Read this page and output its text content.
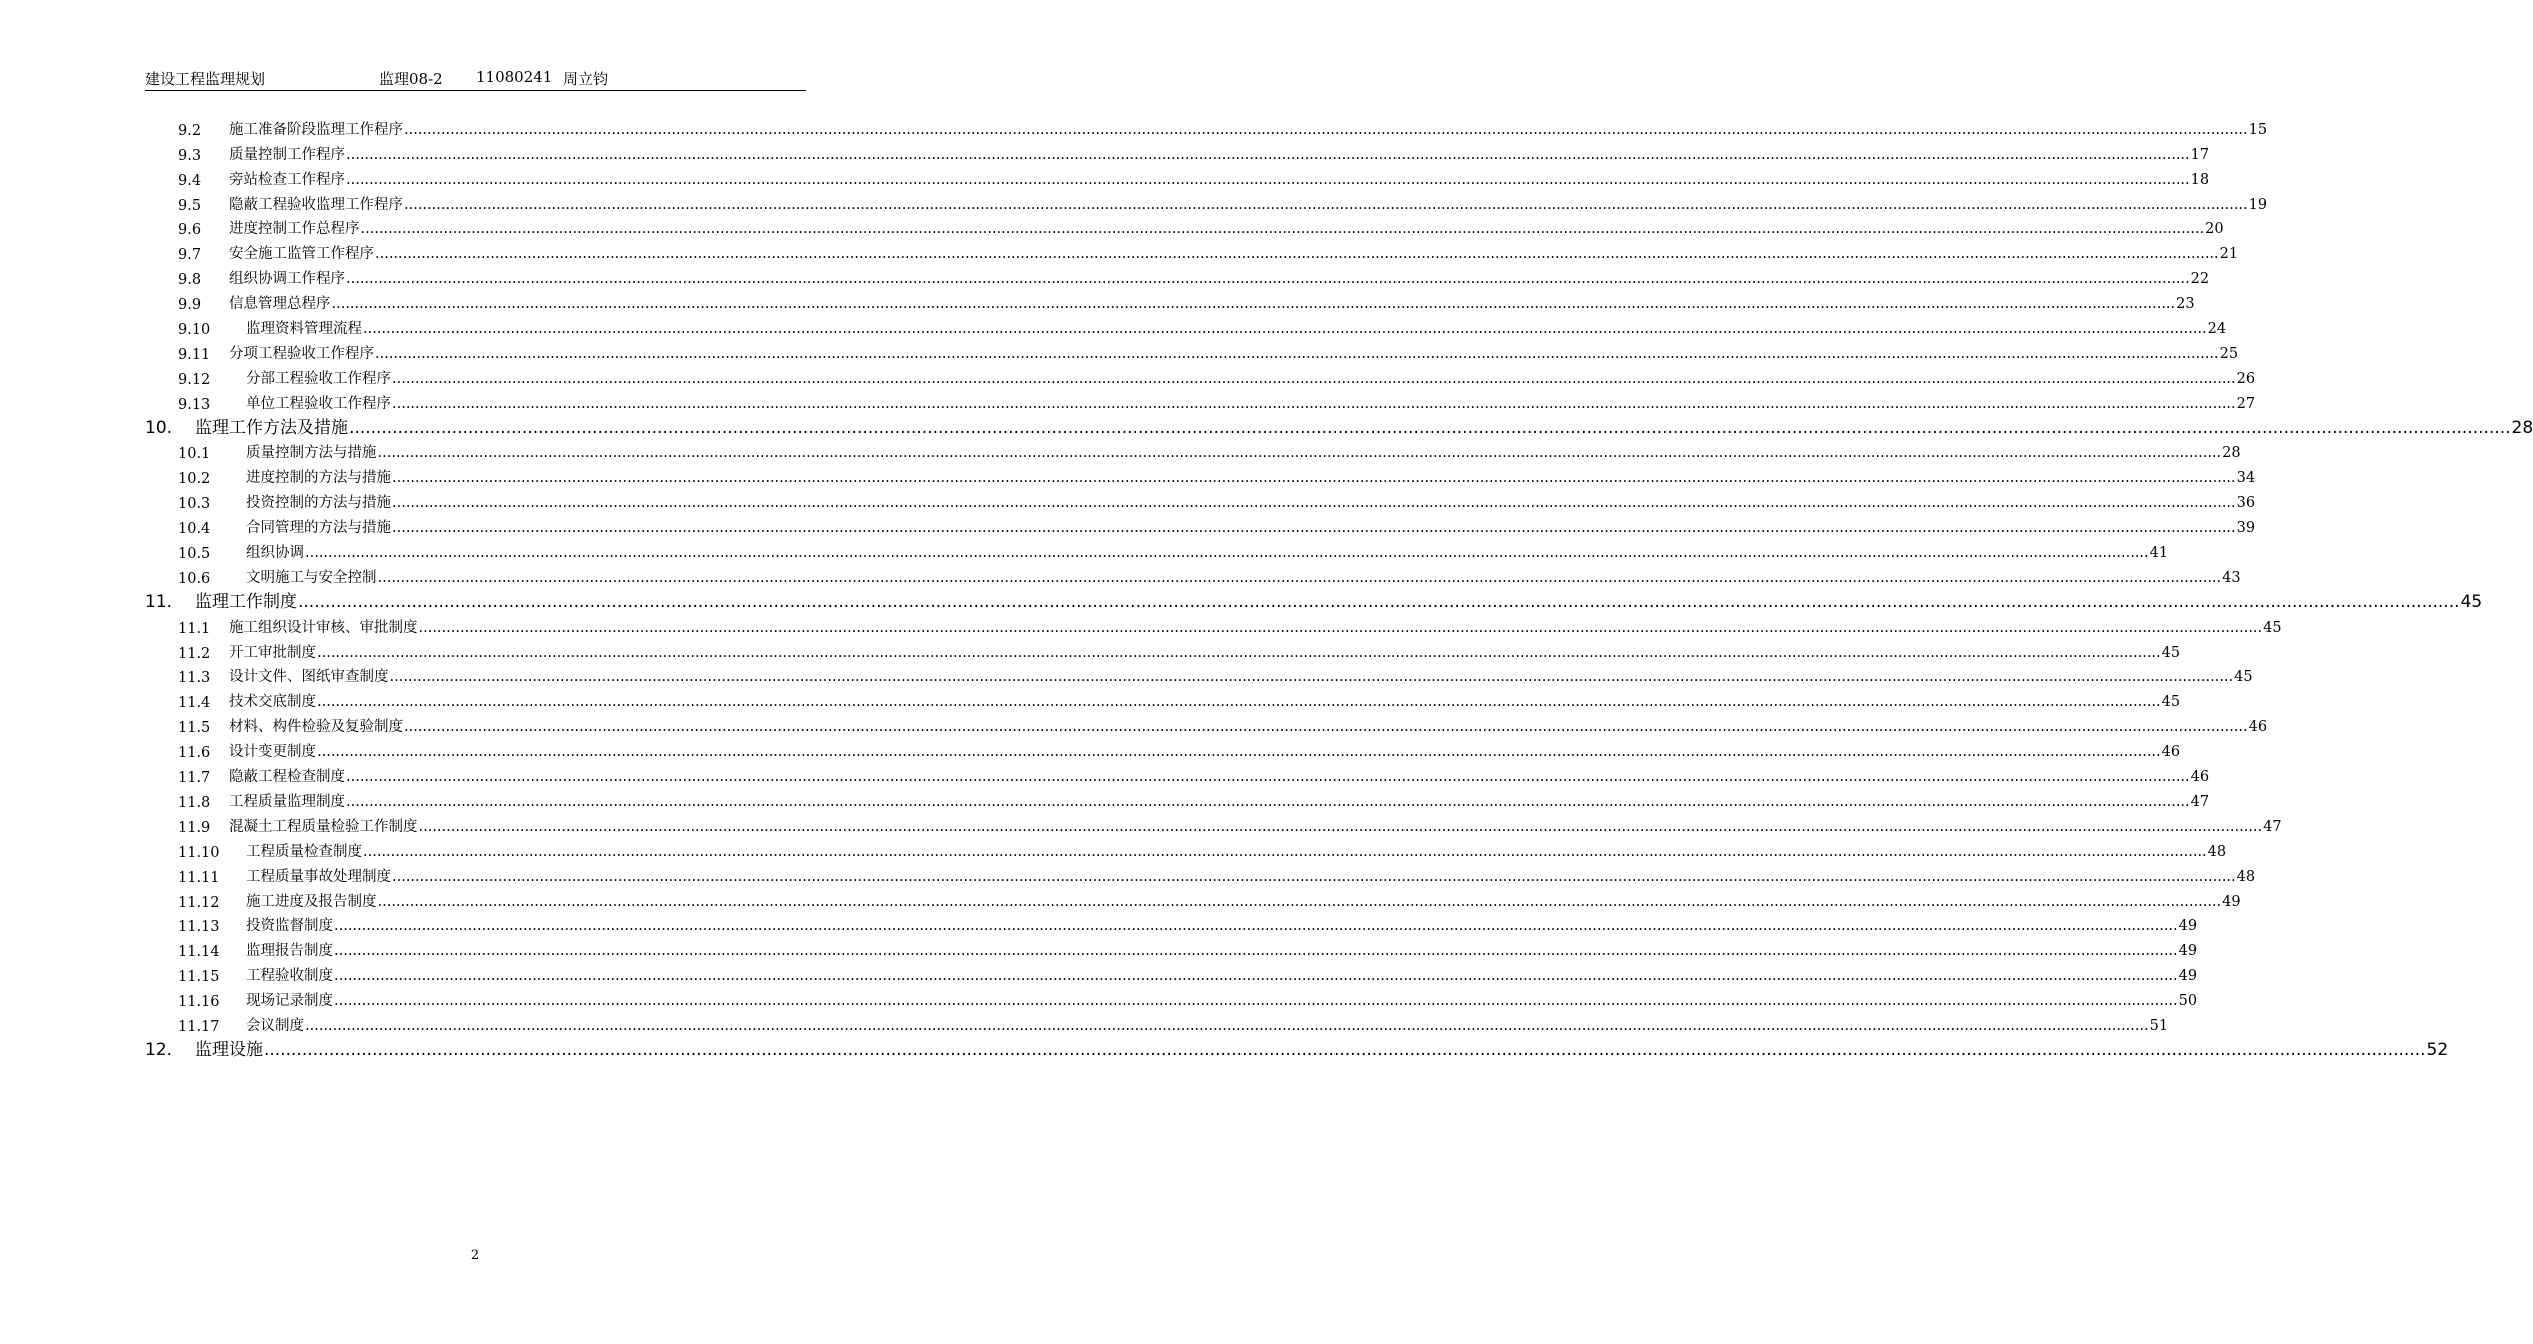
建设工程监理规划	监理08-2 11080241 周立钧
9.2 施工准备阶段监理工作程序 ................................................................................................................................................................................................................................................................................................................................................................................................................ 15
9.3 质量控制工作程序 ................................................................................................................................................................................................................................................................................................................................................................................................................ 17
9.4 旁站检查工作程序 ................................................................................................................................................................................................................................................................................................................................................................................................................ 18
9.5 隐蔽工程验收监理工作程序 ................................................................................................................................................................................................................................................................................................................................................................................................................ 19
9.6 进度控制工作总程序 ................................................................................................................................................................................................................................................................................................................................................................................................................ 20
9.7 安全施工监管工作程序 ................................................................................................................................................................................................................................................................................................................................................................................................................ 21
9.8 组织协调工作程序 ................................................................................................................................................................................................................................................................................................................................................................................................................ 22
9.9 信息管理总程序 ................................................................................................................................................................................................................................................................................................................................................................................................................ 23
9.10 监理资料管理流程 ................................................................................................................................................................................................................................................................................................................................................................................................................ 24
9.11 分项工程验收工作程序 ................................................................................................................................................................................................................................................................................................................................................................................................................ 25
9.12 分部工程验收工作程序 ................................................................................................................................................................................................................................................................................................................................................................................................................ 26
9.13 单位工程验收工作程序 ................................................................................................................................................................................................................................................................................................................................................................................................................ 27
10. 监理工作方法及措施 ................................................................................................................................................................................................................................................................................................................................................................................................................ 28
10.1 质量控制方法与措施 ................................................................................................................................................................................................................................................................................................................................................................................................................ 28
10.2 进度控制的方法与措施 ................................................................................................................................................................................................................................................................................................................................................................................................................ 34
10.3 投资控制的方法与措施 ................................................................................................................................................................................................................................................................................................................................................................................................................ 36
10.4 合同管理的方法与措施 ................................................................................................................................................................................................................................................................................................................................................................................................................ 39
10.5 组织协调 ................................................................................................................................................................................................................................................................................................................................................................................................................ 41
10.6 文明施工与安全控制 ................................................................................................................................................................................................................................................................................................................................................................................................................ 43
11. 监理工作制度 ................................................................................................................................................................................................................................................................................................................................................................................................................ 45
11.1 施工组织设计审核、审批制度 ................................................................................................................................................................................................................................................................................................................................................................................................................ 45
11.2 开工审批制度 ................................................................................................................................................................................................................................................................................................................................................................................................................ 45
11.3 设计文件、图纸审查制度 ................................................................................................................................................................................................................................................................................................................................................................................................................ 45
11.4 技术交底制度 ................................................................................................................................................................................................................................................................................................................................................................................................................ 45
11.5 材料、构件检验及复验制度 ................................................................................................................................................................................................................................................................................................................................................................................................................ 46
11.6 设计变更制度 ................................................................................................................................................................................................................................................................................................................................................................................................................ 46
11.7 隐蔽工程检查制度 ................................................................................................................................................................................................................................................................................................................................................................................................................ 46
11.8 工程质量监理制度 ................................................................................................................................................................................................................................................................................................................................................................................................................ 47
11.9 混凝土工程质量检验工作制度 ................................................................................................................................................................................................................................................................................................................................................................................................................ 47
11.10 工程质量检查制度 ................................................................................................................................................................................................................................................................................................................................................................................................................ 48
11.11 工程质量事故处理制度 ................................................................................................................................................................................................................................................................................................................................................................................................................ 48
11.12 施工进度及报告制度 ................................................................................................................................................................................................................................................................................................................................................................................................................ 49
11.13 投资监督制度 ................................................................................................................................................................................................................................................................................................................................................................................................................ 49
11.14 监理报告制度 ................................................................................................................................................................................................................................................................................................................................................................................................................ 49
11.15 工程验收制度 ................................................................................................................................................................................................................................................................................................................................................................................................................ 49
11.16 现场记录制度 ................................................................................................................................................................................................................................................................................................................................................................................................................ 50
11.17 会议制度 ................................................................................................................................................................................................................................................................................................................................................................................................................ 51
12. 监理设施 ................................................................................................................................................................................................................................................................................................................................................................................................................ 52
2
